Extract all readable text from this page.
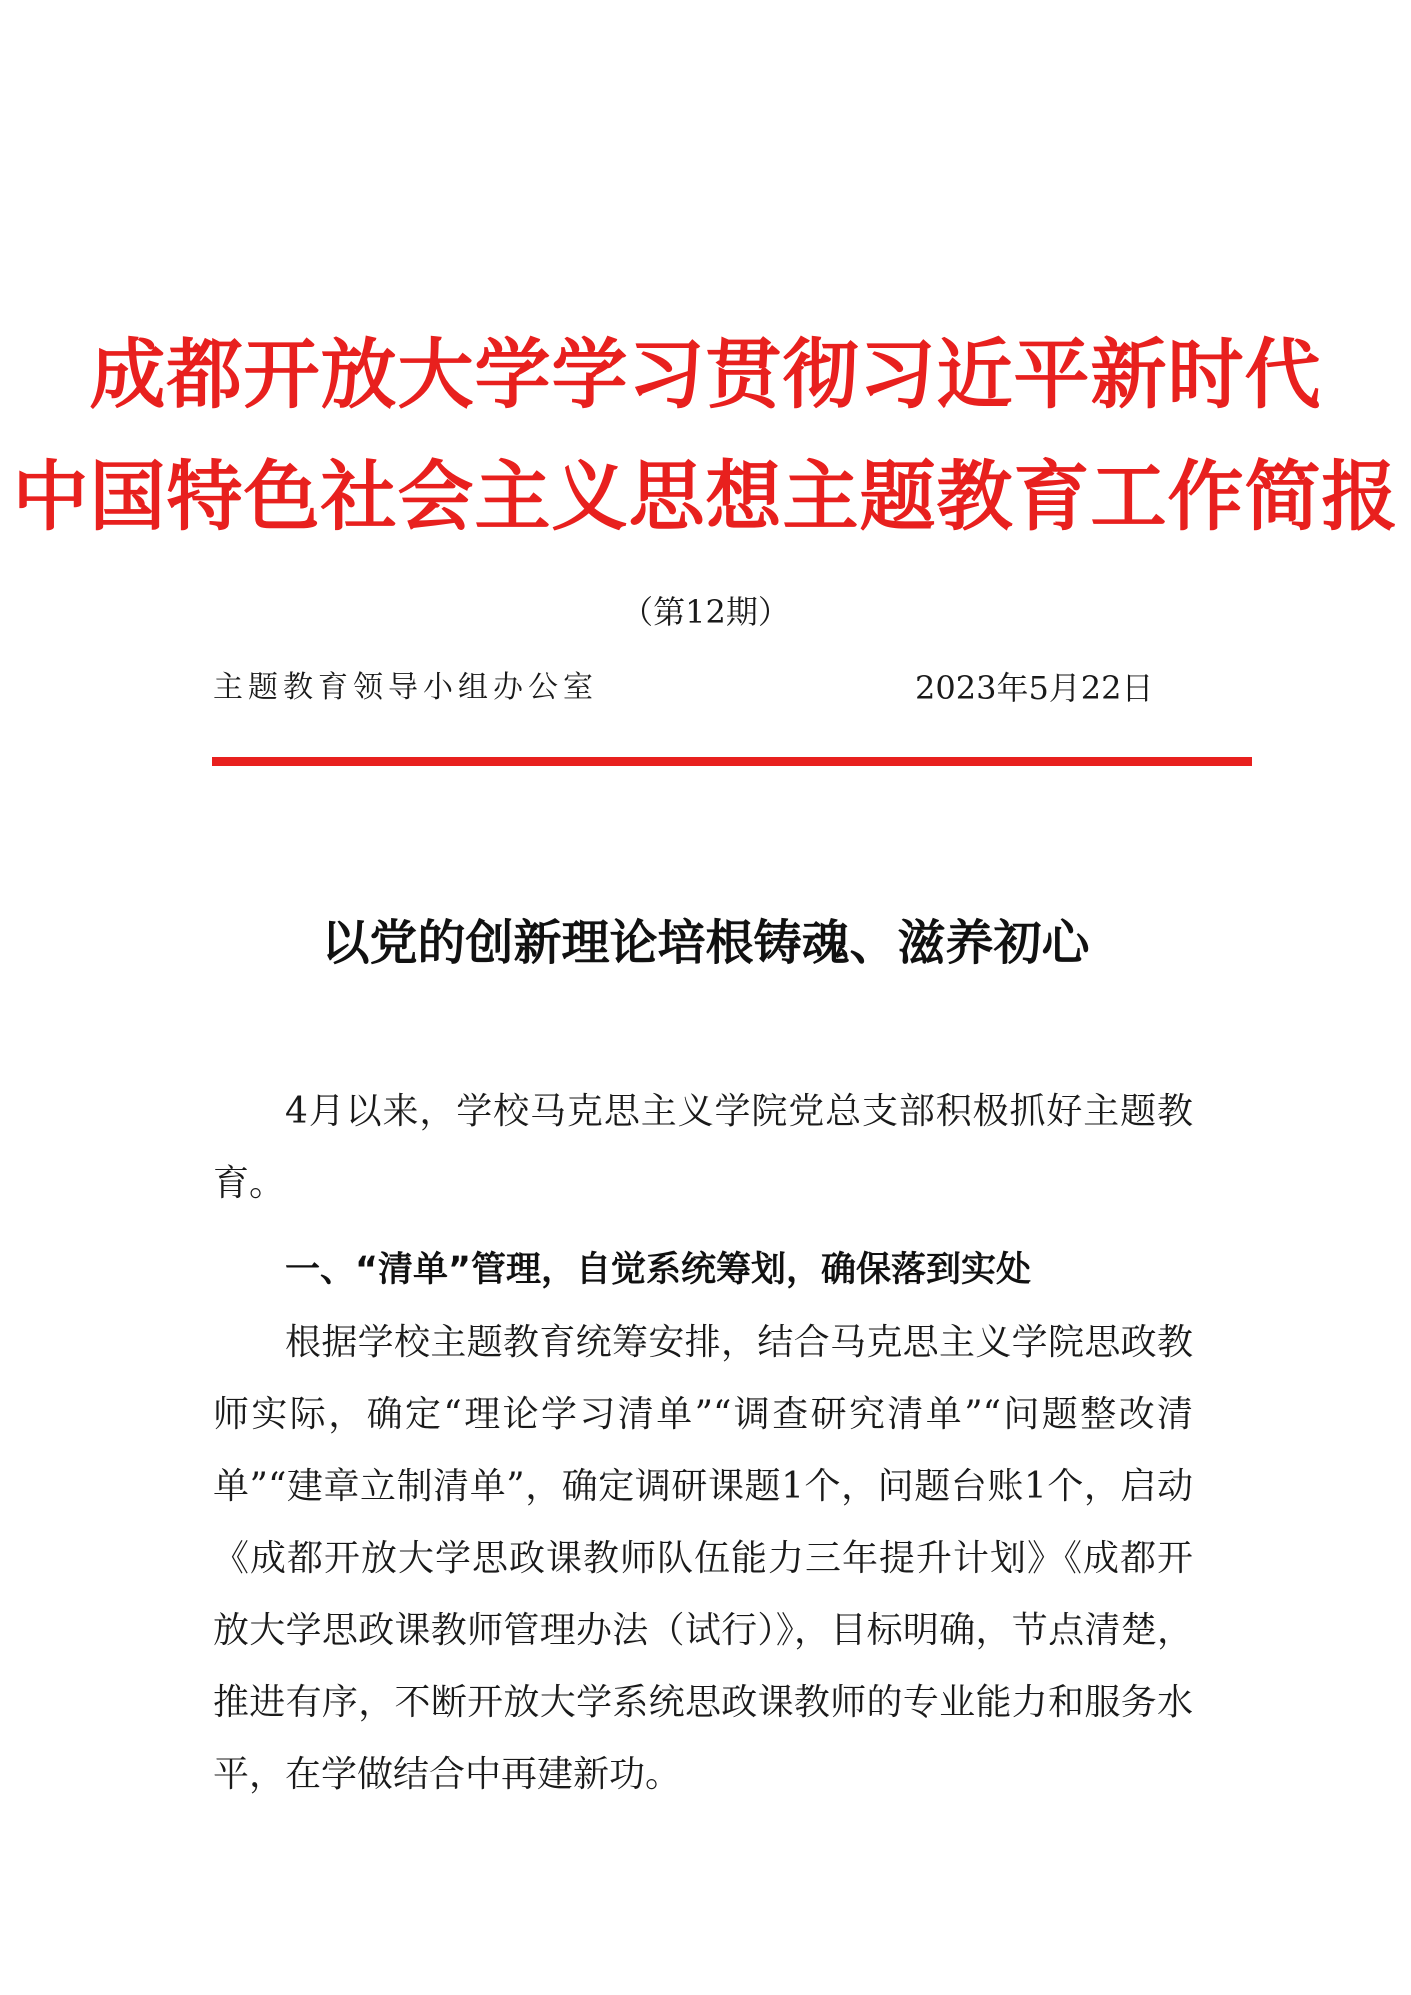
成都开放大学学习贯彻习近平新时代
中国特色社会主义思想主题教育工作简报
（第12期）
主题教育领导小组办公室	2023年5月22日
以党的创新理论培根铸魂、滋养初心

4月以来，学校马克思主义学院党总支部积极抓好主题教育。

一、“清单”管理，自觉系统筹划，确保落到实处

根据学校主题教育统筹安排，结合马克思主义学院思政教师实际，确定“理论学习清单”“调查研究清单”“问题整改清单”“建章立制清单”，确定调研课题1个，问题台账1个，启动《成都开放大学思政课教师队伍能力三年提升计划》《成都开放大学思政课教师管理办法（试行）》，目标明确，节点清楚，推进有序，不断开放大学系统思政课教师的专业能力和服务水平，在学做结合中再建新功。
